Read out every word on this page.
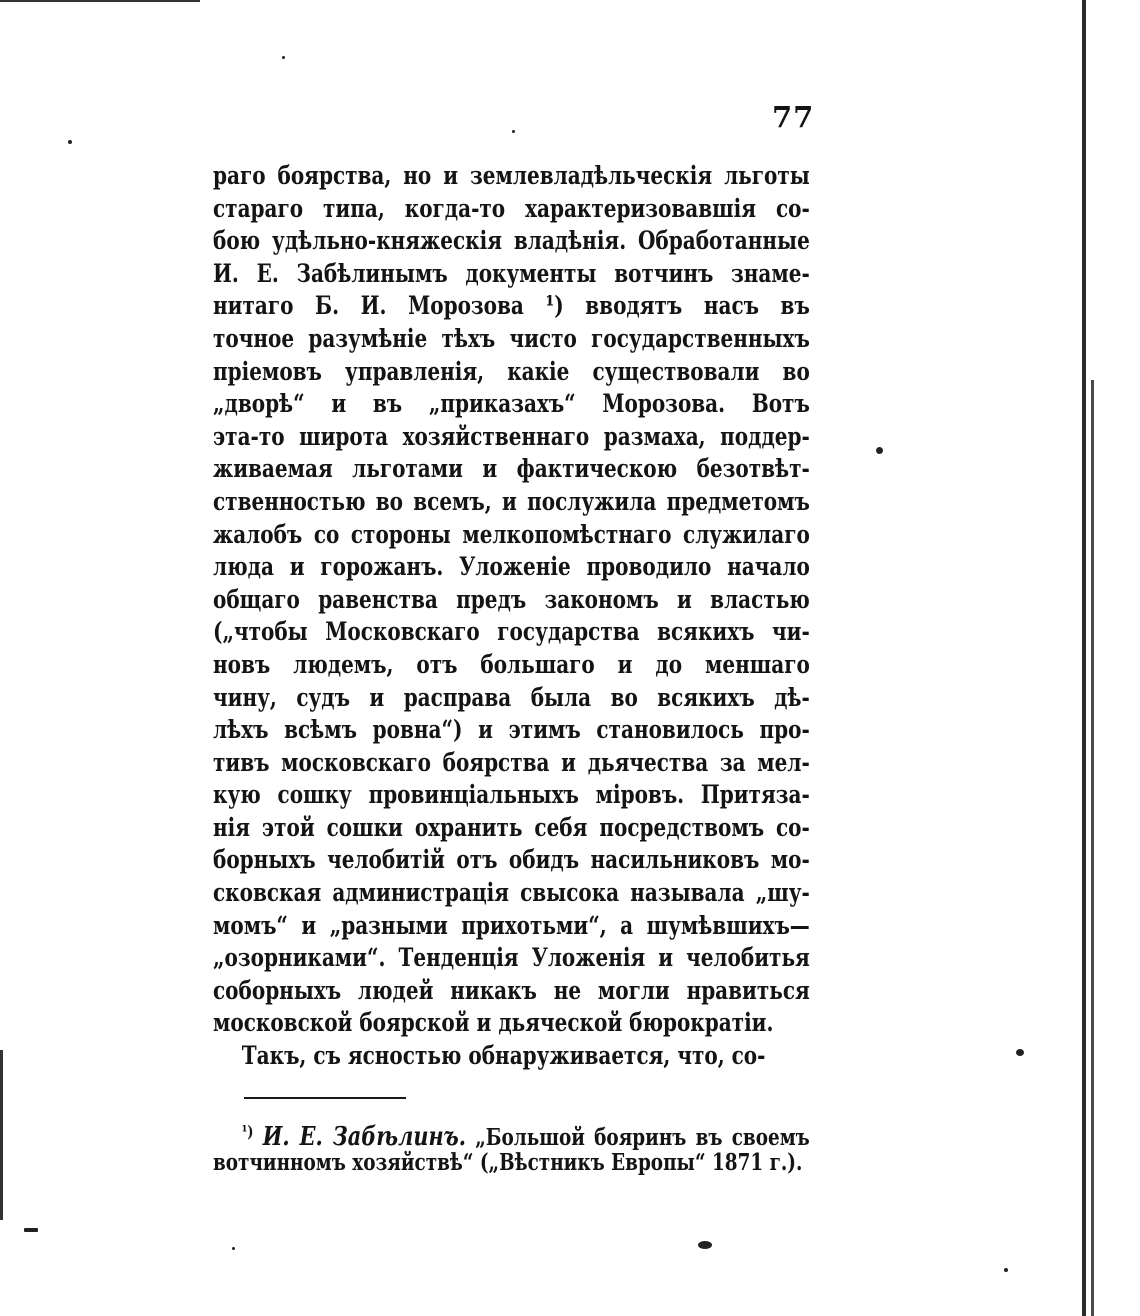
77
раго боярства, но и землевладѣльческія льготы
стараго типа, когда-то характеризовавшія со-
бою удѣльно-княжескія владѣнія. Обработанные
И. Е. Забѣлинымъ документы вотчинъ знаме-
нитаго Б. И. Морозова ¹) вводятъ насъ въ
точное разумѣніе тѣхъ чисто государственныхъ
пріемовъ управленія, какіе существовали во
„дворѣ“ и въ „приказахъ“ Морозова. Вотъ
эта-то широта хозяйственнаго размаха, поддер-
живаемая льготами и фактическою безотвѣт-
ственностью во всемъ, и послужила предметомъ
жалобъ со стороны мелкопомѣстнаго служилаго
люда и горожанъ. Уложеніе проводило начало
общаго равенства предъ закономъ и властью
(„чтобы Московскаго государства всякихъ чи-
новъ людемъ, отъ большаго и до меншаго
чину, судъ и расправа была во всякихъ дѣ-
лѣхъ всѣмъ ровна“) и этимъ становилось про-
тивъ московскаго боярства и дьячества за мел-
кую сошку провинціальныхъ міровъ. Притяза-
нія этой сошки охранить себя посредствомъ со-
борныхъ челобитій отъ обидъ насильниковъ мо-
сковская администрація свысока называла „шу-
момъ“ и „разными прихотьми“, а шумѣвшихъ—
„озорниками“. Тенденція Уложенія и челобитья
соборныхъ людей никакъ не могли нравиться
московской боярской и дьяческой бюрократіи.
Такъ, съ ясностью обнаруживается, что, со-
$^{^1)}$ И. Е. Забѣлинъ. „Большой бояринъ въ своемъ
вотчинномъ хозяйствѣ“ („Вѣстникъ Европы“ 1871 г.).
